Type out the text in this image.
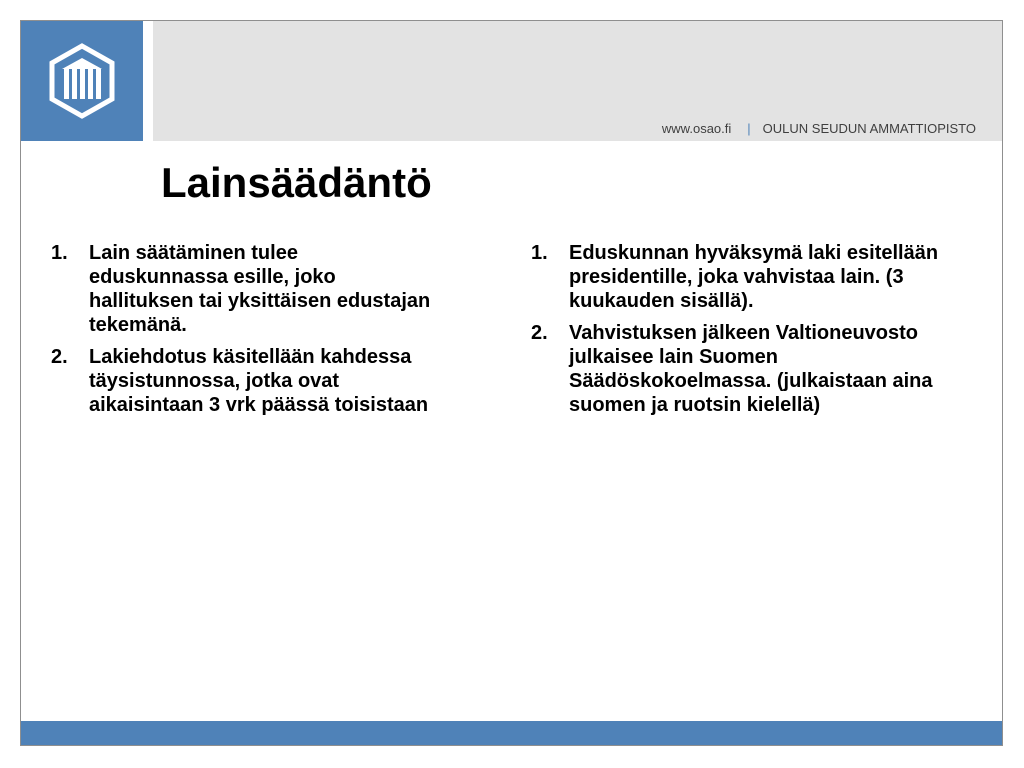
www.osao.fi | OULUN SEUDUN AMMATTIOPISTO
Lainsäädäntö
1. Lain säätäminen tulee eduskunnassa esille, joko hallituksen tai yksittäisen edustajan tekemänä.
2. Lakiehdotus käsitellään kahdessa täysistunnossa, jotka ovat aikaisintaan 3 vrk päässä toisistaan
1. Eduskunnan hyväksymä laki esitellään presidentille, joka vahvistaa lain. (3 kuukauden sisällä).
2. Vahvistuksen jälkeen Valtioneuvosto julkaisee lain Suomen Säädöskokoelmassa. (julkaistaan aina suomen ja ruotsin kielellä)
